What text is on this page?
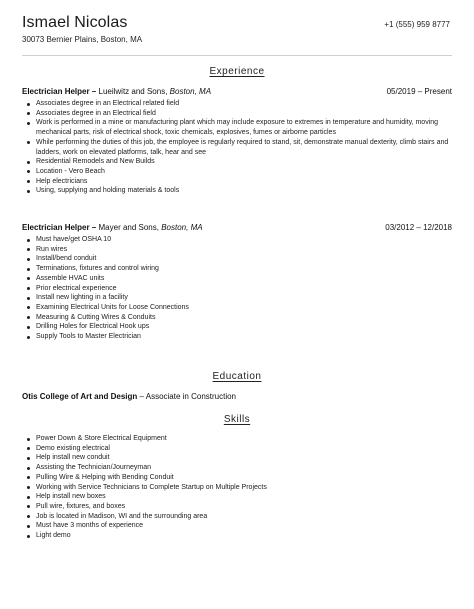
Ismael Nicolas	+1 (555) 959 8777
30073 Bernier Plains, Boston, MA
Experience
Electrician Helper – Lueilwitz and Sons, Boston, MA	05/2019 – Present
Associates degree in an Electrical related field
Associates degree in an Electrical field
Work is performed in a mine or manufacturing plant which may include exposure to extremes in temperature and humidity, moving mechanical parts, risk of electrical shock, toxic chemicals, explosives, fumes or airborne particles
While performing the duties of this job, the employee is regularly required to stand, sit, demonstrate manual dexterity, climb stairs and ladders, work on elevated platforms, talk, hear and see
Residential Remodels and New Builds
Location - Vero Beach
Help electricians
Using, supplying and holding materials & tools
Electrician Helper – Mayer and Sons, Boston, MA	03/2012 – 12/2018
Must have/get OSHA 10
Run wires
Install/bend conduit
Terminations, fixtures and control wiring
Assemble HVAC units
Prior electrical experience
Install new lighting in a facility
Examining Electrical Units for Loose Connections
Measuring & Cutting Wires & Conduits
Drilling Holes for Electrical Hook ups
Supply Tools to Master Electrician
Education
Otis College of Art and Design – Associate in Construction
Skills
Power Down & Store Electrical Equipment
Demo existing electrical
Help install new conduit
Assisting the Technician/Journeyman
Pulling Wire & Helping with Bending Conduit
Working with Service Technicians to Complete Startup on Multiple Projects
Help install new boxes
Pull wire, fixtures, and boxes
Job is located in Madison, WI and the surrounding area
Must have 3 months of experience
Light demo
